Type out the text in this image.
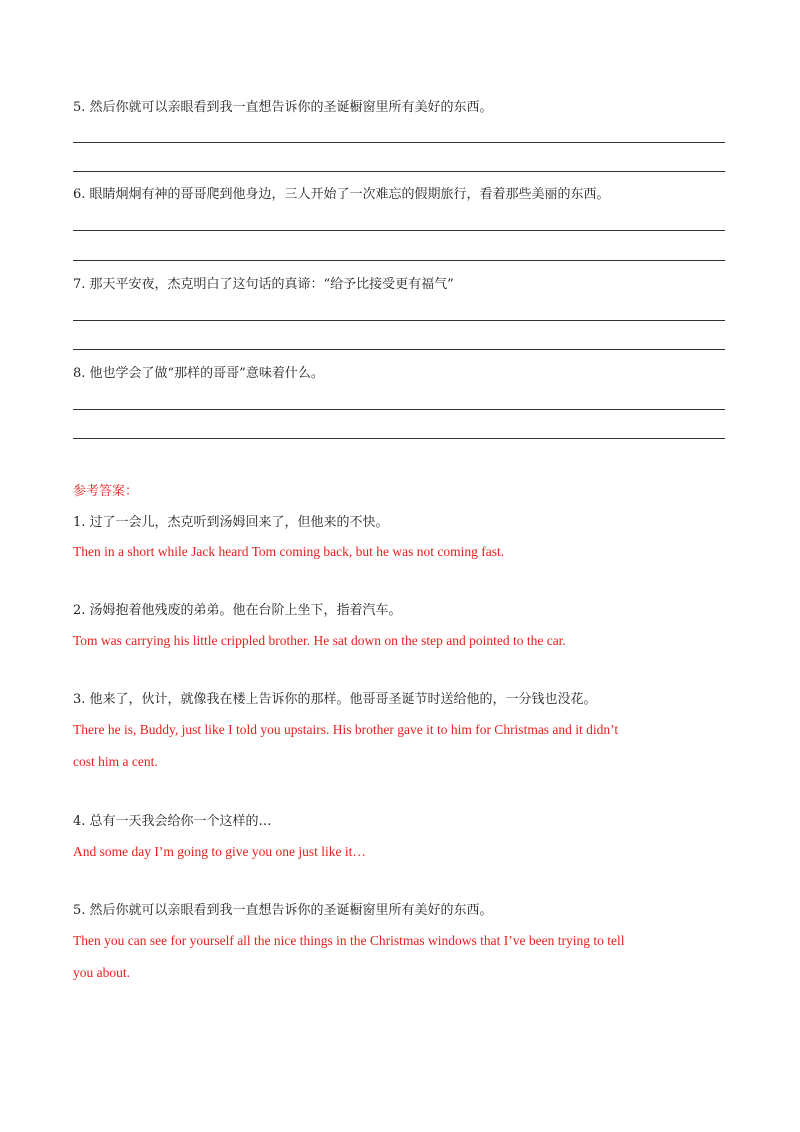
5. 然后你就可以亲眼看到我一直想告诉你的圣诞橱窗里所有美好的东西。
6. 眼睛炯炯有神的哥哥爬到他身边，三人开始了一次难忘的假期旅行，看着那些美丽的东西。
7. 那天平安夜，杰克明白了这句话的真谛：“给予比接受更有福气”
8. 他也学会了做“那样的哥哥”意味着什么。
参考答案：
1. 过了一会儿，杰克听到汤姆回来了，但他来的不快。
Then in a short while Jack heard Tom coming back, but he was not coming fast.
2. 汤姆抱着他残废的弟弟。他在台阶上坐下，指着汽车。
Tom was carrying his little crippled brother. He sat down on the step and pointed to the car.
3. 他来了，伙计，就像我在楼上告诉你的那样。他哥哥圣诞节时送给他的，一分钱也没花。
There he is, Buddy, just like I told you upstairs. His brother gave it to him for Christmas and it didn’t
cost him a cent.
4. 总有一天我会给你一个这样的…
And some day I’m going to give you one just like it…
5. 然后你就可以亲眼看到我一直想告诉你的圣诞橱窗里所有美好的东西。
Then you can see for yourself all the nice things in the Christmas windows that I’ve been trying to tell
you about.
